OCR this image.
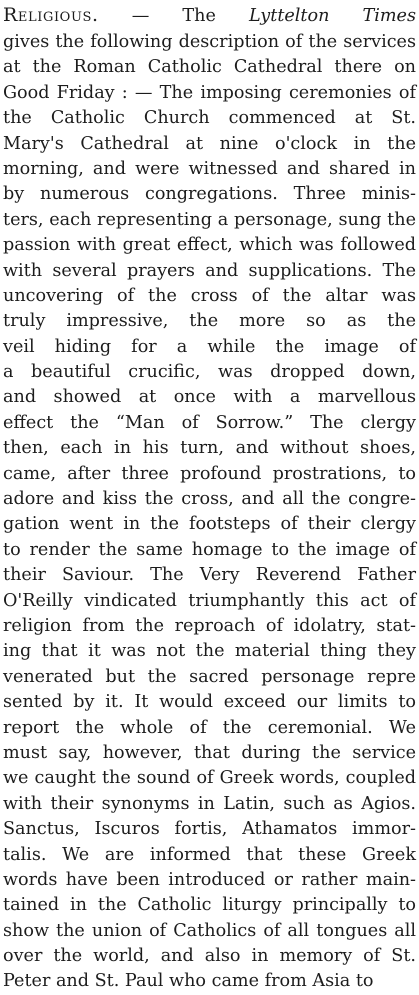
Religious. — The Lyttelton Times
gives the following description of the services
at the Roman Catholic Cathedral there on
Good Friday : — The imposing ceremonies of
the Catholic Church commenced at St.
Mary's Cathedral at nine o'clock in the
morning, and were witnessed and shared in
by numerous congregations. Three minis-
ters, each representing a personage, sung the
passion with great effect, which was followed
with several prayers and supplications. The
uncovering of the cross of the altar was
truly impressive, the more so as the
veil hiding for a while the image of
a beautiful crucific, was dropped down,
and showed at once with a marvellous
effect the “Man of Sorrow.” The clergy
then, each in his turn, and without shoes,
came, after three profound prostrations, to
adore and kiss the cross, and all the congre-
gation went in the footsteps of their clergy
to render the same homage to the image of
their Saviour. The Very Reverend Father
O'Reilly vindicated triumphantly this act of
religion from the reproach of idolatry, stat-
ing that it was not the material thing they
venerated but the sacred personage repre
sented by it. It would exceed our limits to
report the whole of the ceremonial. We
must say, however, that during the service
we caught the sound of Greek words, coupled
with their synonyms in Latin, such as Agios.
Sanctus, Iscuros fortis, Athamatos immor-
talis. We are informed that these Greek
words have been introduced or rather main-
tained in the Catholic liturgy principally to
show the union of Catholics of all tongues all
over the world, and also in memory of St.
Peter and St. Paul who came from Asia to
